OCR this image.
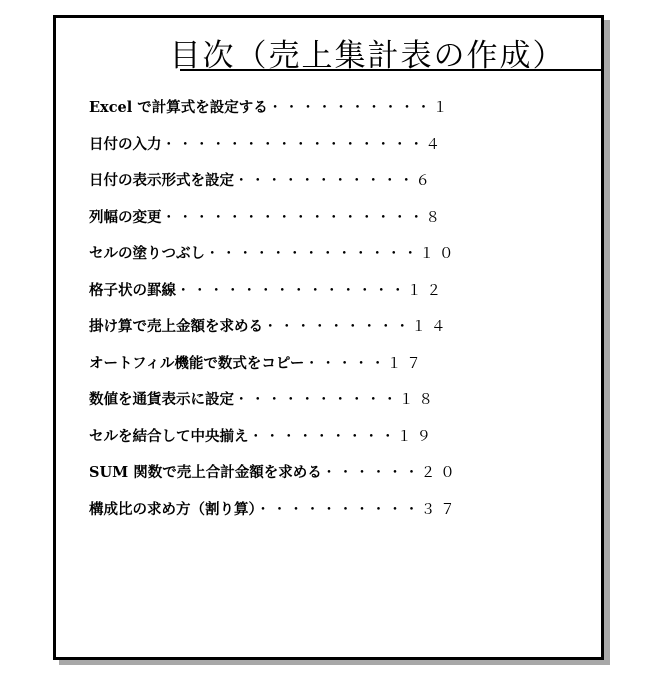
目次（売上集計表の作成）
Excel で計算式を設定する・・・・・・・・・・１
日付の入力・・・・・・・・・・・・・・・・４
日付の表示形式を設定・・・・・・・・・・・６
列幅の変更・・・・・・・・・・・・・・・・８
セルの塗りつぶし・・・・・・・・・・・・・１０
格子状の罫線・・・・・・・・・・・・・・１２
掛け算で売上金額を求める・・・・・・・・・１４
オートフィル機能で数式をコピー・・・・・１７
数値を通貨表示に設定・・・・・・・・・・１８
セルを結合して中央揃え・・・・・・・・・１９
SUM 関数で売上合計金額を求める・・・・・・２０
構成比の求め方（割り算）・・・・・・・・・・３７
